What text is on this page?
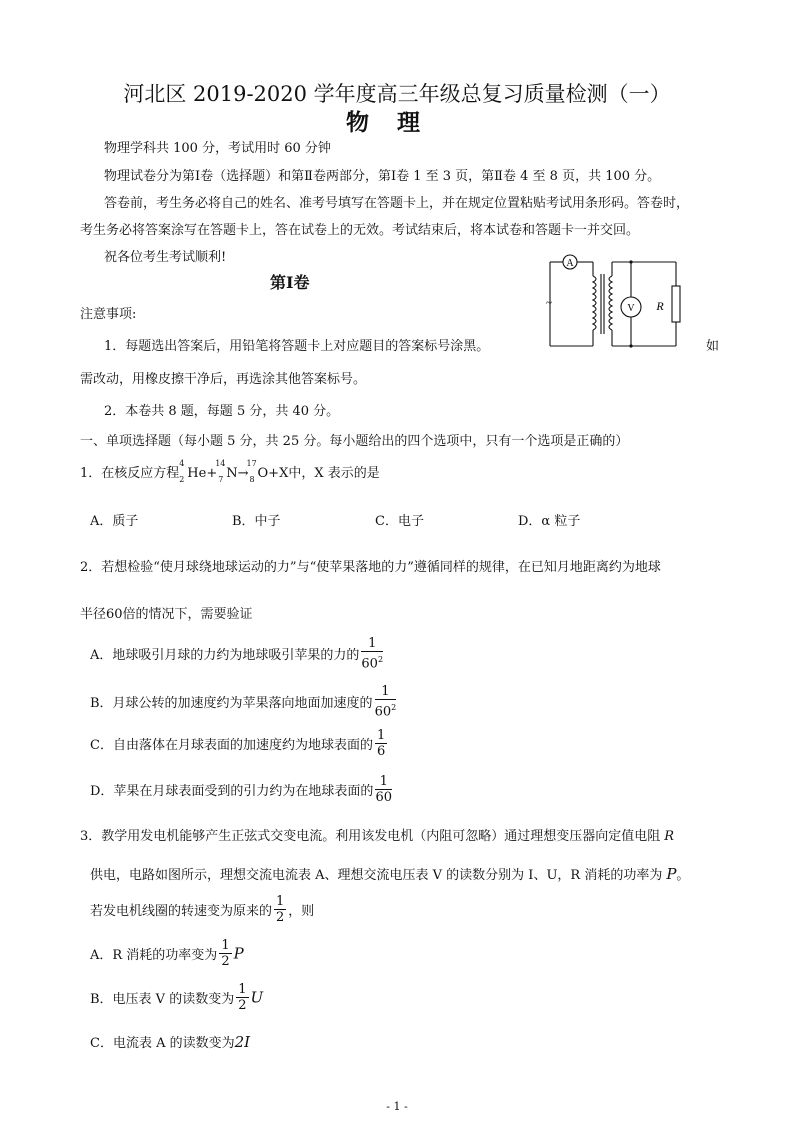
河北区 2019-2020 学年度高三年级总复习质量检测（一）
物理
物理学科共 100 分，考试用时 60 分钟
物理试卷分为第Ⅰ卷（选择题）和第Ⅱ卷两部分，第Ⅰ卷 1 至 3 页，第Ⅱ卷 4 至 8 页，共 100 分。
答卷前，考生务必将自己的姓名、准考号填写在答题卡上，并在规定位置粘贴考试用条形码。答卷时，
考生务必将答案涂写在答题卡上，答在试卷上的无效。考试结束后，将本试卷和答题卡一并交回。
祝各位考生考试顺利!
第Ⅰ卷
注意事项:
1．每题选出答案后，用铅笔将答题卡上对应题目的答案标号涂黑。	如
需改动，用橡皮擦干净后，再选涂其他答案标号。
2．本卷共 8 题，每题 5 分，共 40 分。
一、单项选择题（每小题 5 分，共 25 分。每小题给出的四个选项中，只有一个选项是正确的）
A
V R
~
1．在核反应方程
4
2 He+
14
7 N→
17
8 O+X中，X 表示的是
A．质子	B．中子	C．电子	D．α 粒子
2．若想检验“使月球绕地球运动的力”与“使苹果落地的力”遵循同样的规律，在已知月地距离约为地球
半径60倍的情况下，需要验证
A．地球吸引月球的力约为地球吸引苹果的力的 $\frac{1}{60^2}$
B．月球公转的加速度约为苹果落向地面加速度的 $\frac{1}{60^2}$
C．自由落体在月球表面的加速度约为地球表面的 $\frac{1}{6}$
D．苹果在月球表面受到的引力约为在地球表面的 $\frac{1}{60}$
3．教学用发电机能够产生正弦式交变电流。利用该发电机（内阻可忽略）通过理想变压器向定值电阻 R
供电，电路如图所示，理想交流电流表 A、理想交流电压表 V 的读数分别为 I、U，R 消耗的功率为 P。
若发电机线圈的转速变为原来的 $\frac{1}{2}$ ，则
A．R 消耗的功率变为 $\frac{1}{2}$ P
B．电压表 V 的读数变为 $\frac{1}{2}$ U
C．电流表 A 的读数变为2I
- 1 -
